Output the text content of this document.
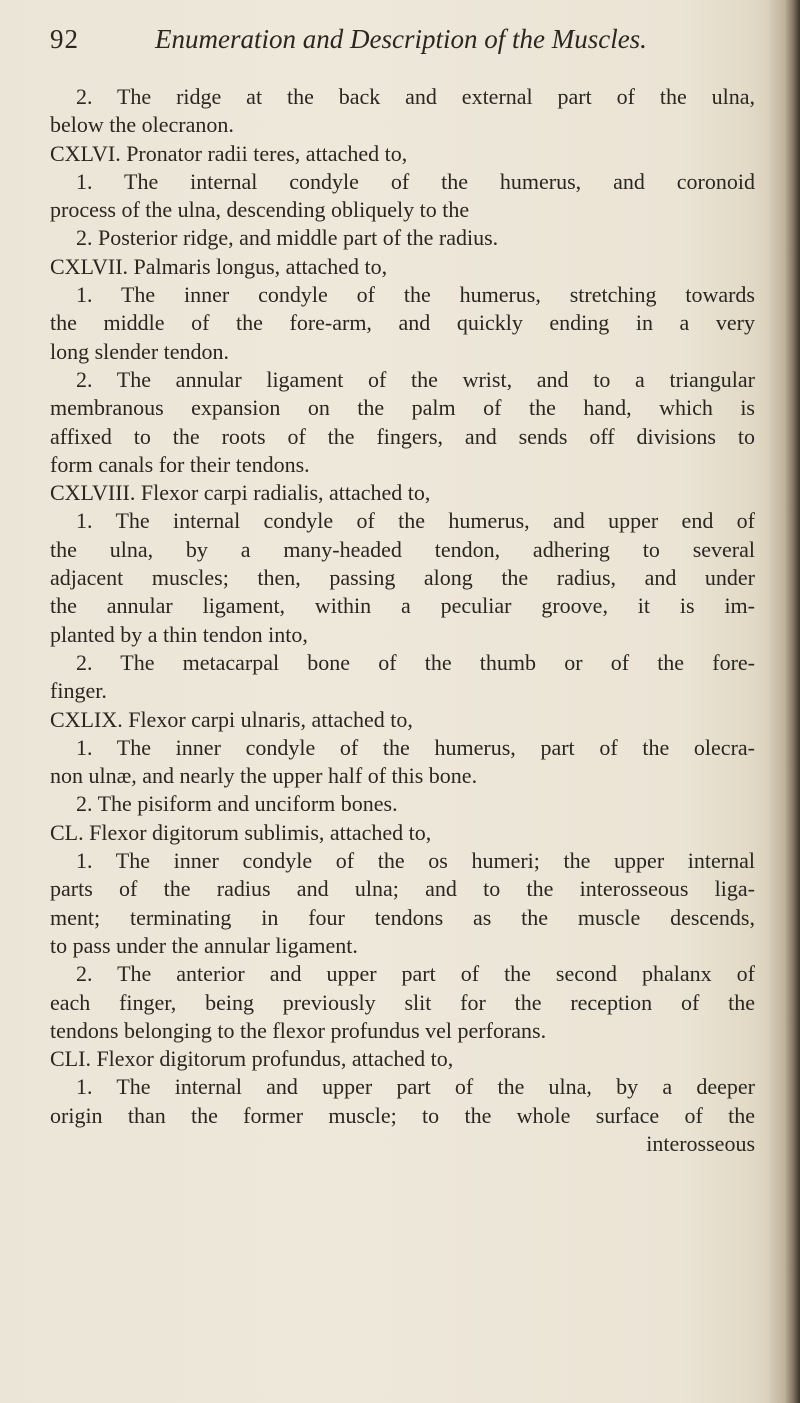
92	Enumeration and Description of the Muscles.
2. The ridge at the back and external part of the ulna,
below the olecranon.
CXLVI. Pronator radii teres, attached to,
1. The internal condyle of the humerus, and coronoid
process of the ulna, descending obliquely to the
2. Posterior ridge, and middle part of the radius.
CXLVII. Palmaris longus, attached to,
1. The inner condyle of the humerus, stretching towards
the middle of the fore-arm, and quickly ending in a very
long slender tendon.
2. The annular ligament of the wrist, and to a triangular
membranous expansion on the palm of the hand, which is
affixed to the roots of the fingers, and sends off divisions to
form canals for their tendons.
CXLVIII. Flexor carpi radialis, attached to,
1. The internal condyle of the humerus, and upper end of
the ulna, by a many-headed tendon, adhering to several
adjacent muscles; then, passing along the radius, and under
the annular ligament, within a peculiar groove, it is im-
planted by a thin tendon into,
2. The metacarpal bone of the thumb or of the fore-
finger.
CXLIX. Flexor carpi ulnaris, attached to,
1. The inner condyle of the humerus, part of the olecra-
non ulnæ, and nearly the upper half of this bone.
2. The pisiform and unciform bones.
CL. Flexor digitorum sublimis, attached to,
1. The inner condyle of the os humeri; the upper internal
parts of the radius and ulna; and to the interosseous liga-
ment; terminating in four tendons as the muscle descends,
to pass under the annular ligament.
2. The anterior and upper part of the second phalanx of
each finger, being previously slit for the reception of the
tendons belonging to the flexor profundus vel perforans.
CLI. Flexor digitorum profundus, attached to,
1. The internal and upper part of the ulna, by a deeper
origin than the former muscle; to the whole surface of the
interosseous
